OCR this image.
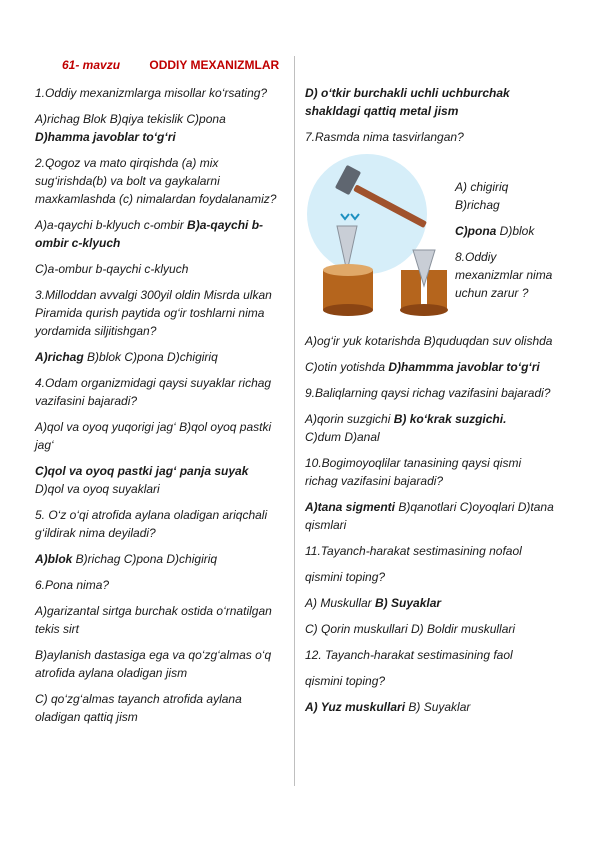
61- mavzu ODDIY MEXANIZMLAR

1.Oddiy mexanizmlarga misollar ko‘rsating?

A)richag Blok B)qiya tekislik C)pona
D)hamma javoblar to‘g‘ri

2.Qogoz va mato qirqishda (a) mix sug‘irishda(b) va bolt va gaykalarni maxkamlashda (c) nimalardan foydalanamiz?

A)a-qaychi b-klyuch c-ombir B)a-qaychi b-ombir c-klyuch

C)a-ombur b-qaychi c-klyuch

3.Milloddan avvalgi 300yil oldin Misrda ulkan Piramida qurish paytida og‘ir toshlarni nima yordamida siljitishgan?

A)richag B)blok C)pona D)chigiriq

4.Odam organizmidagi qaysi suyaklar richag vazifasini bajaradi?

A)qol va oyoq yuqorigi jag‘ B)qol oyoq pastki jag‘

C)qol va oyoq pastki jag‘ panja suyak
D)qol va oyoq suyaklari

5. O‘z o‘qi atrofida aylana oladigan ariqchali g‘ildirak nima deyiladi?

A)blok B)richag C)pona D)chigiriq

6.Pona nima?

A)garizantal sirtga burchak ostida o‘rnatilgan tekis sirt

B)aylanish dastasiga ega va qo‘zg‘almas o‘q atrofida aylana oladigan jism

C) qo‘zg‘almas tayanch atrofida aylana oladigan qattiq jism

D) o‘tkir burchakli uchli uchburchak shakldagi qattiq metal jism

7.Rasmda nima tasvirlangan?

A) chigiriq
B)richag

C)pona D)blok

8.Oddiy mexanizmlar nima uchun zarur ?

A)og‘ir yuk kotarishda B)quduqdan suv olishda

C)otin yotishda D)hammma javoblar to‘g‘ri

9.Baliqlarning qaysi richag vazifasini bajaradi?

A)qorin suzgichi B) ko‘krak suzgichi.
C)dum D)anal

10.Bogimoyoqlilar tanasining qaysi qismi richag vazifasini bajaradi?

A)tana sigmenti B)qanotlari C)oyoqlari D)tana qismlari

11.Tayanch-harakat sestimasining nofaol

qismini toping?

A) Muskullar B) Suyaklar

C) Qorin muskullari D) Boldir muskullari

12. Tayanch-harakat sestimasining faol

qismini toping?

A) Yuz muskullari B) Suyaklar
